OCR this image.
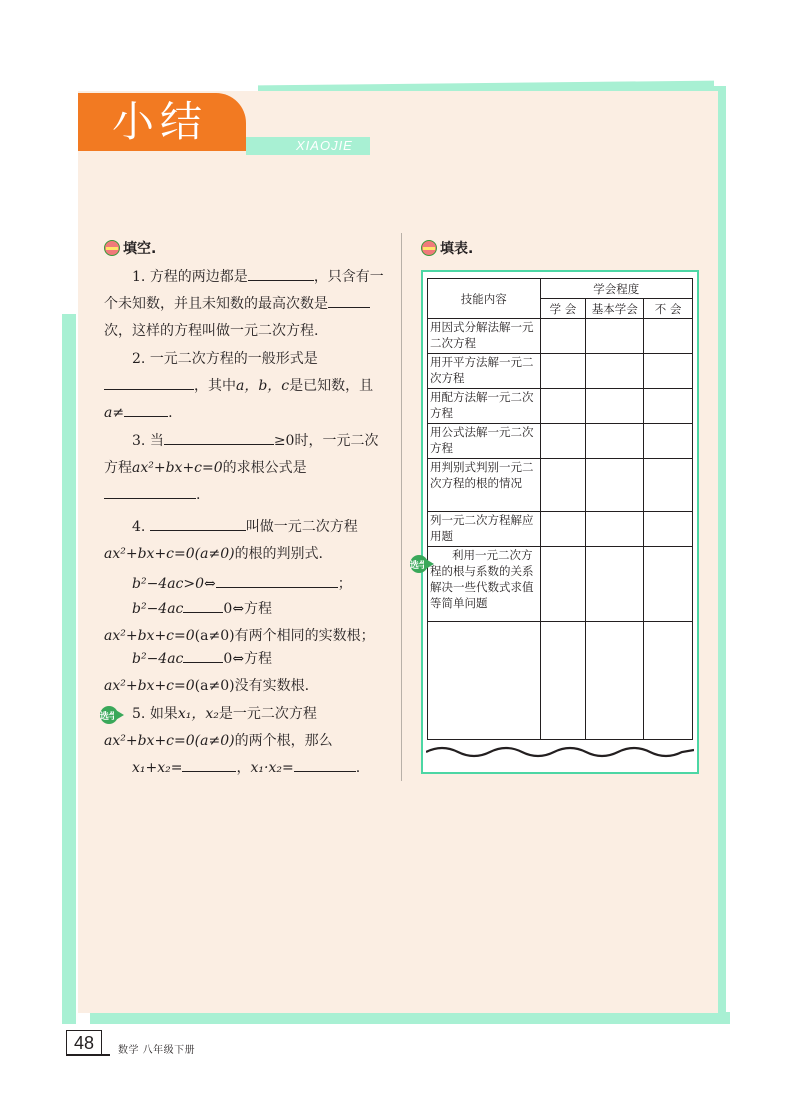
小结	XIAOJIE
填空.
1. 方程的两边都是	，只含有一个未知数，并且未知数的最高次数是次，这样的方程叫做一元二次方程.
2. 一元二次方程的一般形式是，其中a，b，c是已知数，且a≠	.
3. 当	≥0时，一元二次方程ax²+bx+c=0的求根公式是.
4.	叫做一元二次方程ax²+bx+c=0(a≠0)的根的判别式.
b²−4ac>0⇔	；
b²−4ac	0⇔方程ax²+bx+c=0(a≠0)有两个相同的实数根；
b²−4ac	0⇔方程ax²+bx+c=0(a≠0)没有实数根.
选学 5. 如果x₁，x₂是一元二次方程ax²+bx+c=0(a≠0)的两个根，那么
x₁+x₂=	，x₁·x₂=	.
填表.
技能内容	学会程度		
	学 会	基本学会	不 会
用因式分解法解一元二次方程			
用开平方法解一元二次方程			
用配方法解一元二次方程			
用公式法解一元二次方程			
用判别式判别一元二次方程的根的情况			
列一元二次方程解应用题			
利用一元二次方程的根与系数的关系解决一些代数式求值等简单问题			

选学
48	数学 八年级下册
